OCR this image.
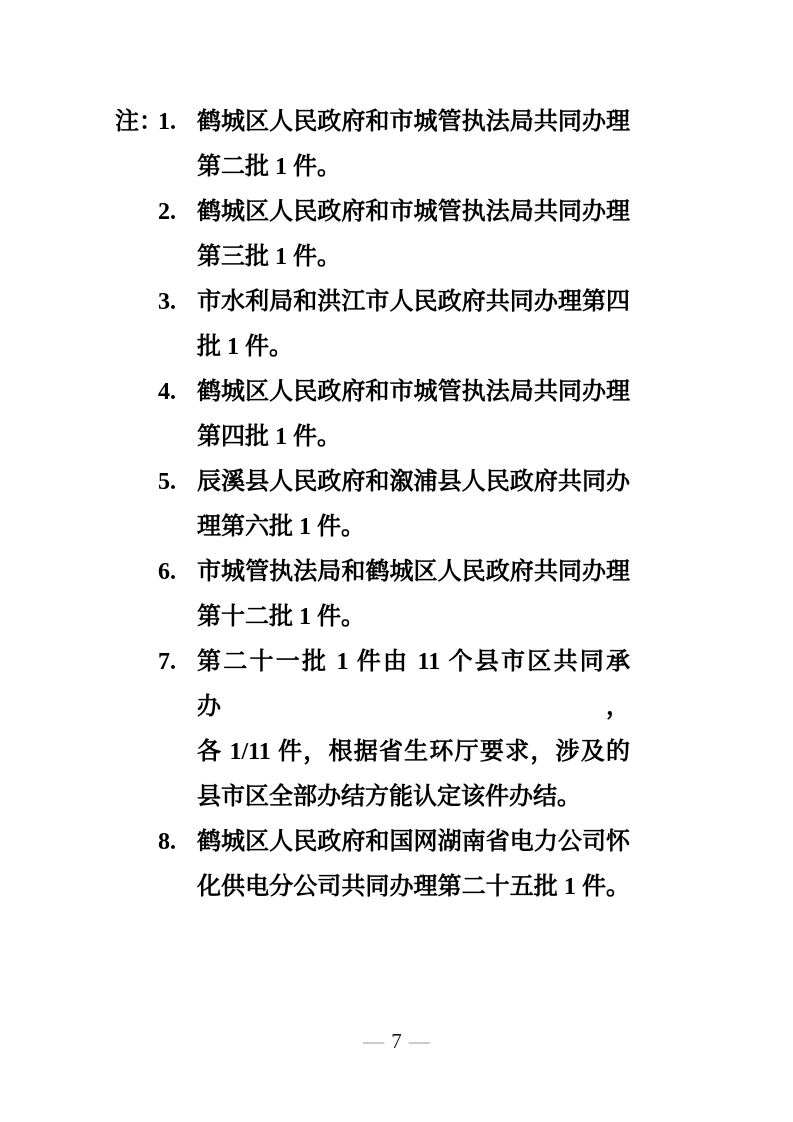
注：
1. 鹤城区人民政府和市城管执法局共同办理
第二批 1 件。
2. 鹤城区人民政府和市城管执法局共同办理
第三批 1 件。
3. 市水利局和洪江市人民政府共同办理第四
批 1 件。
4. 鹤城区人民政府和市城管执法局共同办理
第四批 1 件。
5. 辰溪县人民政府和溆浦县人民政府共同办
理第六批 1 件。
6. 市城管执法局和鹤城区人民政府共同办理
第十二批 1 件。
7. 第二十一批 1 件由 11 个县市区共同承办，
各 1/11 件，根据省生环厅要求，涉及的
县市区全部办结方能认定该件办结。
8. 鹤城区人民政府和国网湖南省电力公司怀
化供电分公司共同办理第二十五批 1 件。
— 7 —
